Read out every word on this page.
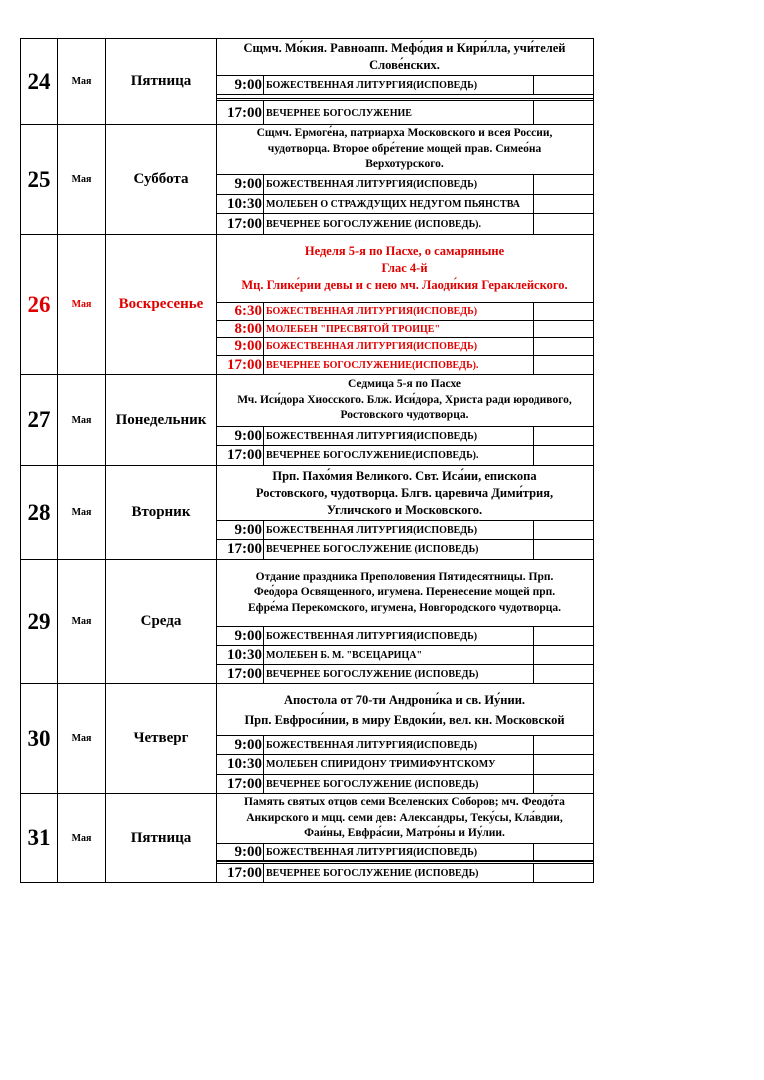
24	Мая	Пятница
Сщмч. Мо́кия. Равноапп. Мефо́дия и Кири́лла, учи́телей
Слове́нских.
9:00 БОЖЕСТВЕННАЯ ЛИТУРГИЯ(ИСПОВЕДЬ)
17:00 ВЕЧЕРНЕЕ БОГОСЛУЖЕНИЕ
25	Мая	Суббота
Сщмч. Ермоге́на, патриарха Московского и всея России,
чудотворца. Второе обре́тение мощей прав. Симео́на
Верхотурского.
9:00 БОЖЕСТВЕННАЯ ЛИТУРГИЯ(ИСПОВЕДЬ)
10:30 МОЛЕБЕН О СТРАЖДУЩИХ НЕДУГОМ ПЬЯНСТВА
17:00 ВЕЧЕРНЕЕ БОГОСЛУЖЕНИЕ (ИСПОВЕДЬ).
26	Мая	Воскресенье
Неделя 5-я по Пасхе, о самаряныне
Глас 4-й
Мц. Глике́рии девы и с нею мч. Лаоди́кия Гераклейского.
6:30 БОЖЕСТВЕННАЯ ЛИТУРГИЯ(ИСПОВЕДЬ)
8:00 МОЛЕБЕН "ПРЕСВЯТОЙ ТРОИЦЕ"
9:00 БОЖЕСТВЕННАЯ ЛИТУРГИЯ(ИСПОВЕДЬ)
17:00 ВЕЧЕРНЕЕ БОГОСЛУЖЕНИЕ(ИСПОВЕДЬ).
27	Мая	Понедельник
Седмица 5-я по Пасхе
Мч. Иси́дора Хиосского. Блж. Иси́дора, Христа ради юродивого,
Ростовского чудотворца.
9:00 БОЖЕСТВЕННАЯ ЛИТУРГИЯ(ИСПОВЕДЬ)
17:00 ВЕЧЕРНЕЕ БОГОСЛУЖЕНИЕ(ИСПОВЕДЬ).
28	Мая	Вторник
Прп. Пахо́мия Великого. Свт. Иса́ии, епископа
Ростовского, чудотворца. Блгв. царевича Дими́трия,
Угличского и Московского.
9:00 БОЖЕСТВЕННАЯ ЛИТУРГИЯ(ИСПОВЕДЬ)
17:00 ВЕЧЕРНЕЕ БОГОСЛУЖЕНИЕ (ИСПОВЕДЬ)
29	Мая	Среда
Отдание праздника Преполовения Пятидесятницы. Прп.
Фео́дора Освященного, игумена. Перенесение мощей прп.
Ефре́ма Перекомского, игумена, Новгородского чудотворца.
9:00 БОЖЕСТВЕННАЯ ЛИТУРГИЯ(ИСПОВЕДЬ)
10:30 МОЛЕБЕН Б. М. "ВСЕЦАРИЦА"
17:00 ВЕЧЕРНЕЕ БОГОСЛУЖЕНИЕ (ИСПОВЕДЬ)
30	Мая	Четверг
Апостола от 70-ти Андрони́ка и св. Иу́нии.
Прп. Евфроси́нии, в миру Евдоки́и, вел. кн. Московской
9:00 БОЖЕСТВЕННАЯ ЛИТУРГИЯ(ИСПОВЕДЬ)
10:30 МОЛЕБЕН СПИРИДОНУ ТРИМИФУНТСКОМУ
17:00 ВЕЧЕРНЕЕ БОГОСЛУЖЕНИЕ (ИСПОВЕДЬ)
31	Мая	Пятница
Память святых отцов семи Вселенских Соборов; мч. Феодо́та
Анкирского и мцц. семи дев: Александры, Теку́сы, Кла́вдии,
Фаи́ны, Евфра́сии, Матро́ны и Иу́лии.
9:00 БОЖЕСТВЕННАЯ ЛИТУРГИЯ(ИСПОВЕДЬ)
17:00 ВЕЧЕРНЕЕ БОГОСЛУЖЕНИЕ (ИСПОВЕДЬ)
